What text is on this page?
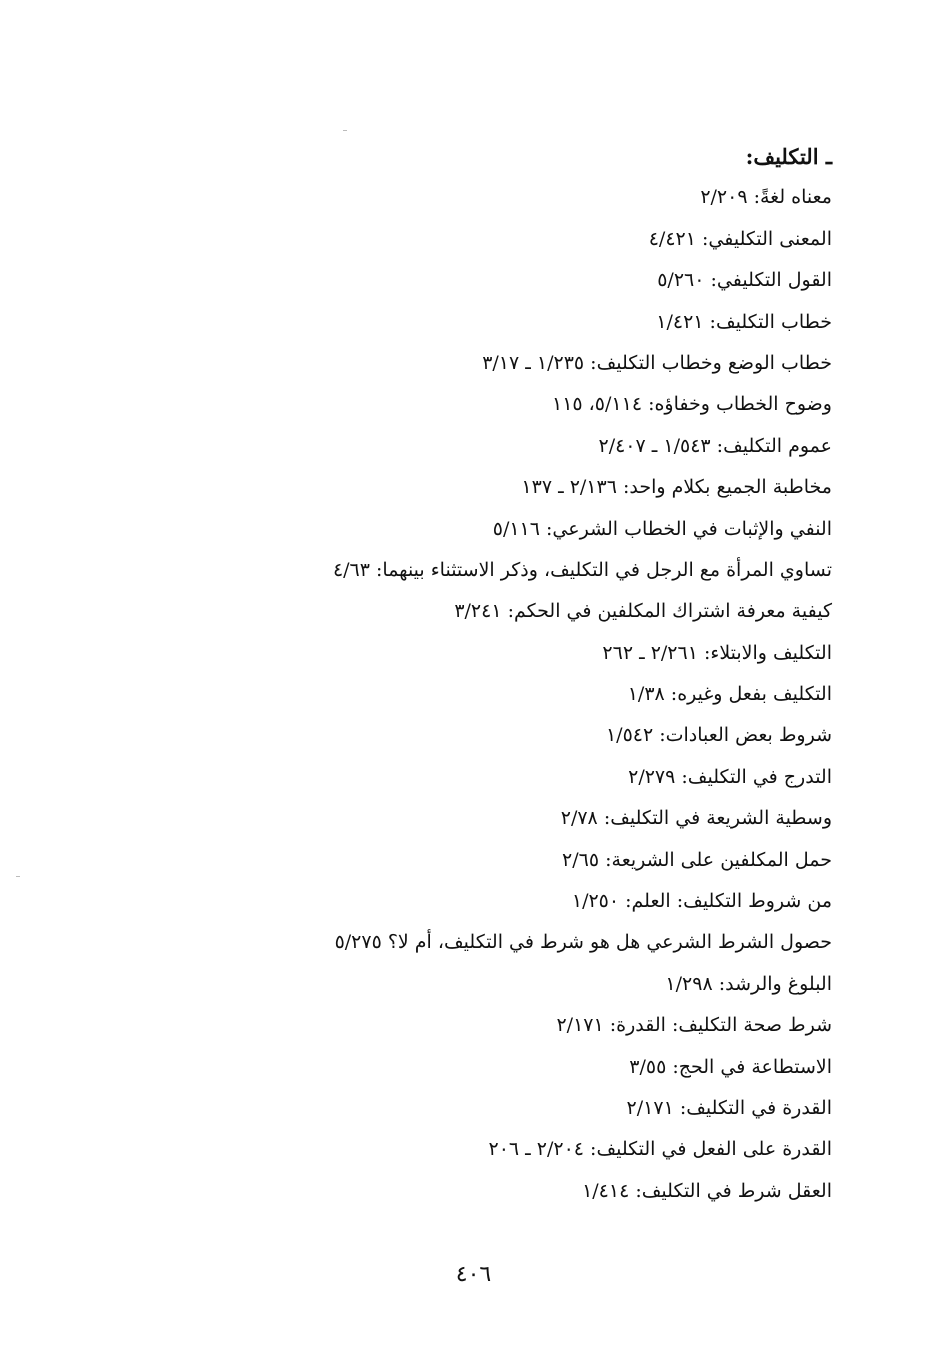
ـ التكليف:
معناه لغةً: ٢/٢٠٩
المعنى التكليفي: ٤/٤٢١
القول التكليفي: ٥/٢٦٠
خطاب التكليف: ١/٤٢١
خطاب الوضع وخطاب التكليف: ١/٢٣٥ ـ ٣/١٧
وضوح الخطاب وخفاؤه: ٥/١١٤، ١١٥
عموم التكليف: ١/٥٤٣ ـ ٢/٤٠٧
مخاطبة الجميع بكلام واحد: ٢/١٣٦ ـ ١٣٧
النفي والإثبات في الخطاب الشرعي: ٥/١١٦
تساوي المرأة مع الرجل في التكليف، وذكر الاستثناء بينهما: ٤/٦٣
كيفية معرفة اشتراك المكلفين في الحكم: ٣/٢٤١
التكليف والابتلاء: ٢/٢٦١ ـ ٢٦٢
التكليف بفعل وغيره: ١/٣٨
شروط بعض العبادات: ١/٥٤٢
التدرج في التكليف: ٢/٢٧٩
وسطية الشريعة في التكليف: ٢/٧٨
حمل المكلفين على الشريعة: ٢/٦٥
من شروط التكليف: العلم: ١/٢٥٠
حصول الشرط الشرعي هل هو شرط في التكليف، أم لا؟ ٥/٢٧٥
البلوغ والرشد: ١/٢٩٨
شرط صحة التكليف: القدرة: ٢/١٧١
الاستطاعة في الحج: ٣/٥٥
القدرة في التكليف: ٢/١٧١
القدرة على الفعل في التكليف: ٢/٢٠٤ ـ ٢٠٦
العقل شرط في التكليف: ١/٤١٤
٤٠٦
